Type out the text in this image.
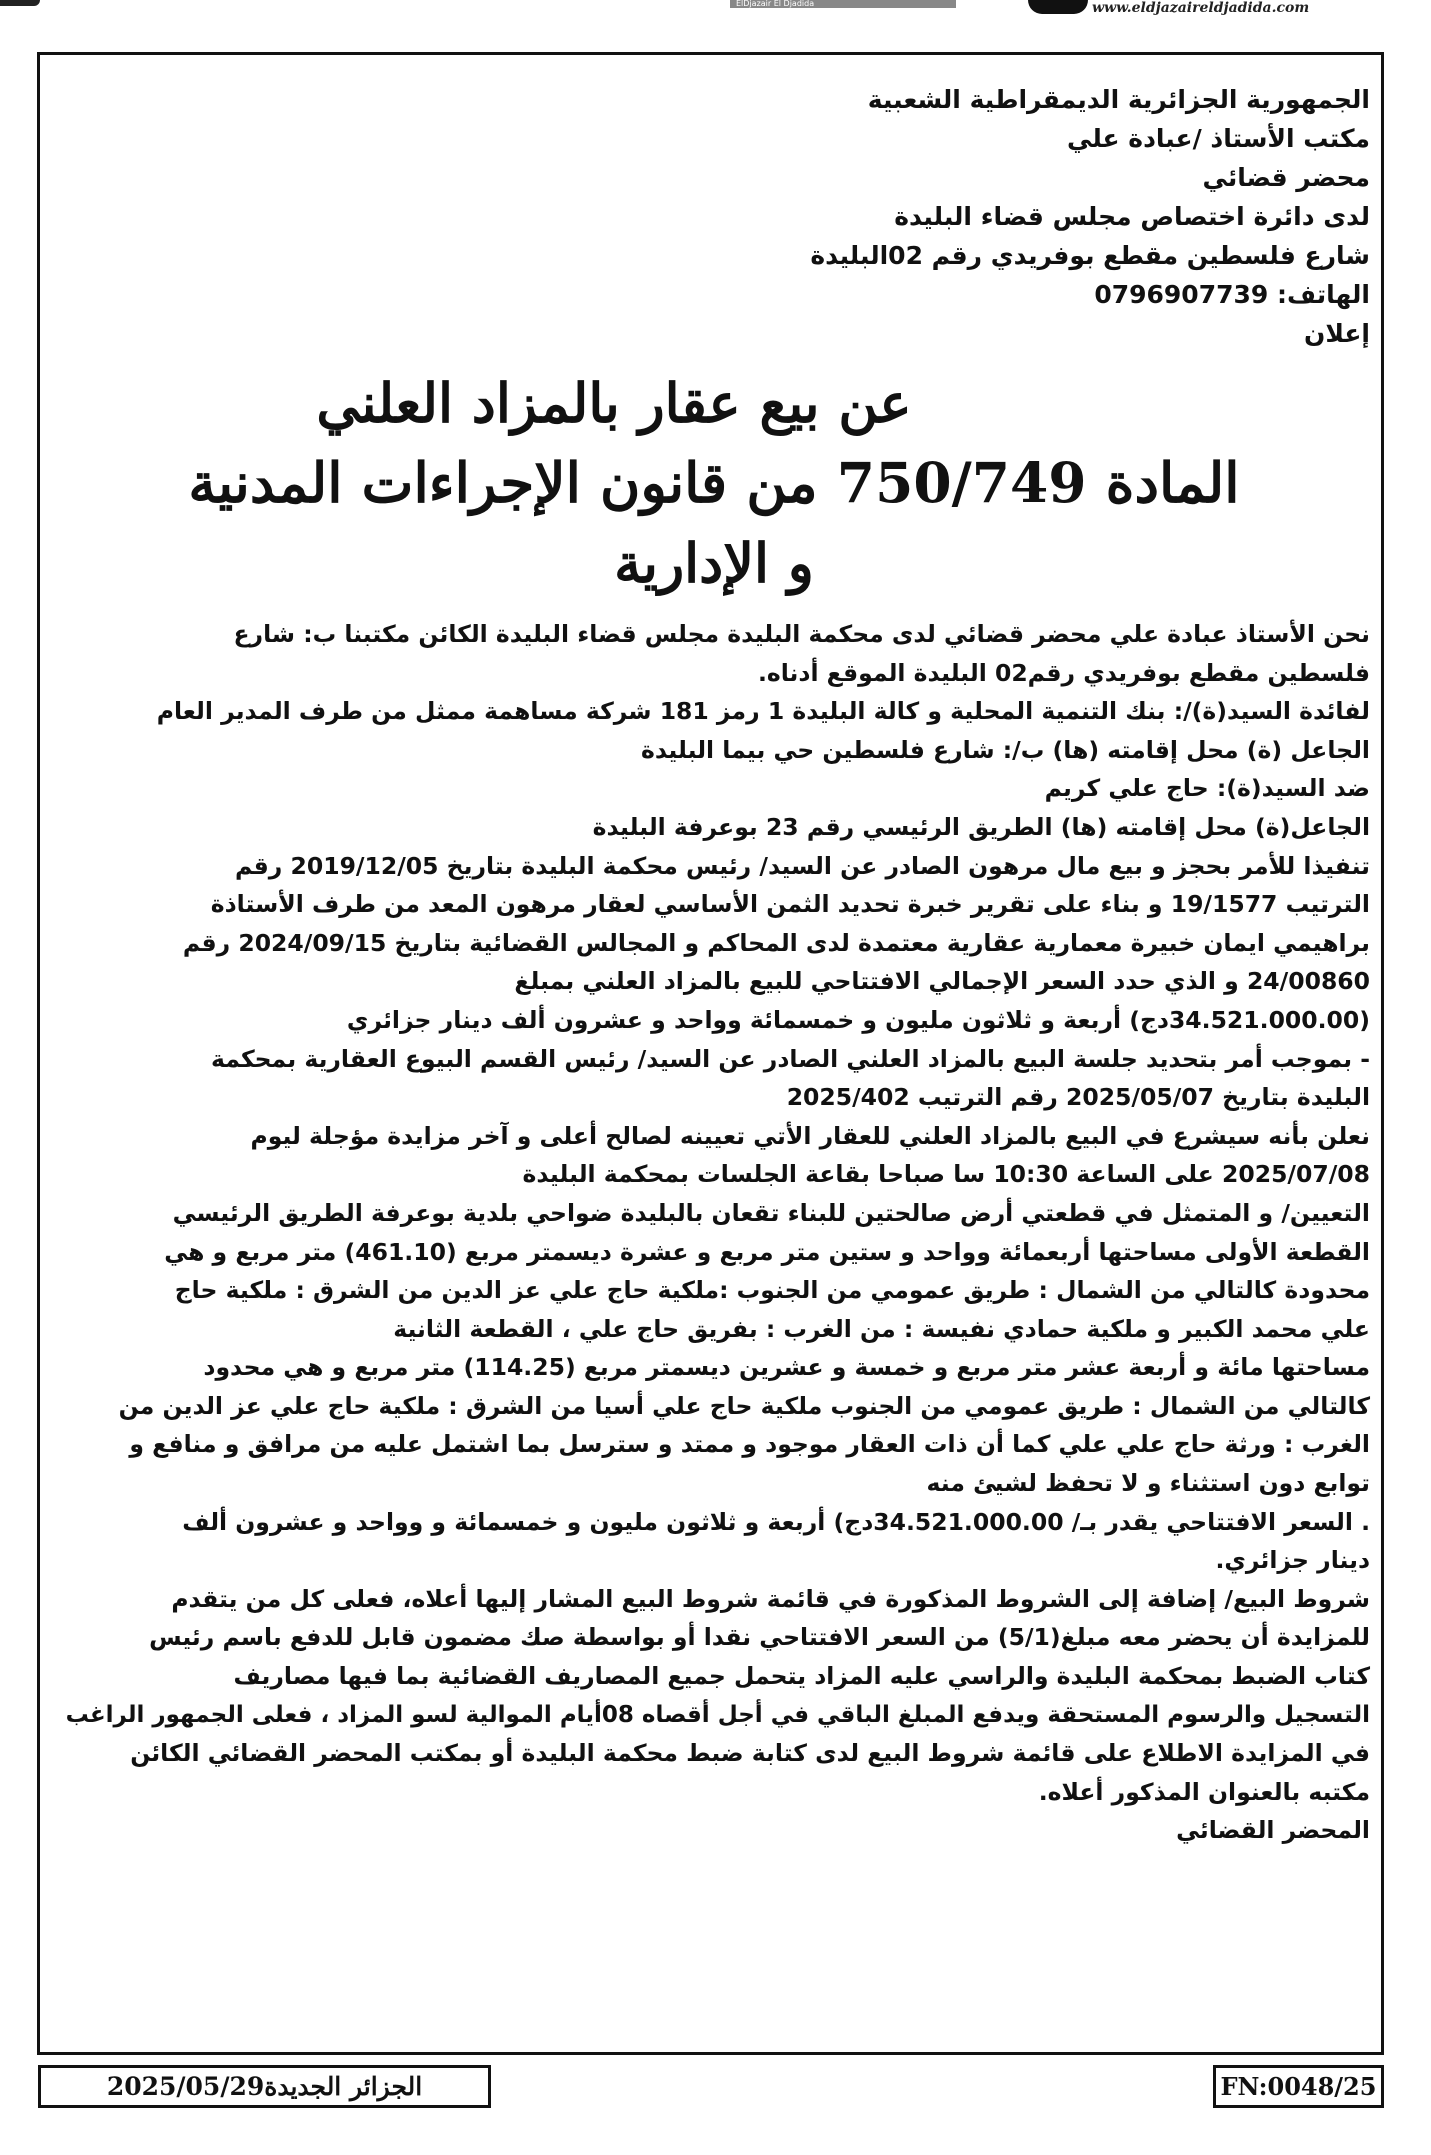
ElDjazair El Djadida	www.eldjazaireldjadida.com

الجمهورية الجزائرية الديمقراطية الشعبية

مكتب الأستاذ /عبادة علي

محضر قضائي

لدى دائرة اختصاص مجلس قضاء البليدة

شارع فلسطين مقطع بوفريدي رقم 02البليدة

الهاتف: 0796907739

إعلان

عن بيع عقار بالمزاد العلني
المادة 750/749 من قانون الإجراءات المدنية
و الإدارية

نحن الأستاذ عبادة علي محضر قضائي لدى محكمة البليدة مجلس قضاء البليدة الكائن مكتبنا ب: شارع

فلسطين مقطع بوفريدي رقم02 البليدة الموقع أدناه.

لفائدة السيد(ة)/: بنك التنمية المحلية و كالة البليدة 1 رمز 181 شركة مساهمة ممثل من طرف المدير العام

الجاعل (ة) محل إقامته (ها) ب/: شارع فلسطين حي بيما البليدة

ضد السيد(ة): حاج علي كريم

الجاعل(ة) محل إقامته (ها) الطريق الرئيسي رقم 23 بوعرفة البليدة

تنفيذا للأمر بحجز و بيع مال مرهون الصادر عن السيد/ رئيس محكمة البليدة بتاريخ 2019/12/05 رقم

الترتيب 19/1577 و بناء على تقرير خبرة تحديد الثمن الأساسي لعقار مرهون المعد من طرف الأستاذة

براهيمي ايمان خبيرة معمارية عقارية معتمدة لدى المحاكم و المجالس القضائية بتاريخ 2024/09/15 رقم

24/00860 و الذي حدد السعر الإجمالي الافتتاحي للبيع بالمزاد العلني بمبلغ

(34.521.000.00دج) أربعة و ثلاثون مليون و خمسمائة وواحد و عشرون ألف دينار جزائري

- بموجب أمر بتحديد جلسة البيع بالمزاد العلني الصادر عن السيد/ رئيس القسم البيوع العقارية بمحكمة

البليدة بتاريخ 2025/05/07 رقم الترتيب 2025/402

نعلن بأنه سيشرع في البيع بالمزاد العلني للعقار الأتي تعيينه لصالح أعلى و آخر مزايدة مؤجلة ليوم

2025/07/08 على الساعة 10:30 سا صباحا بقاعة الجلسات بمحكمة البليدة

التعيين/ و المتمثل في قطعتي أرض صالحتين للبناء تقعان بالبليدة ضواحي بلدية بوعرفة الطريق الرئيسي

القطعة الأولى مساحتها أربعمائة وواحد و ستين متر مربع و عشرة ديسمتر مربع (461.10) متر مربع و هي

محدودة كالتالي من الشمال : طريق عمومي من الجنوب :ملكية حاج علي عز الدين من الشرق : ملكية حاج

علي محمد الكبير و ملكية حمادي نفيسة : من الغرب : بفريق حاج علي ، القطعة الثانية

مساحتها مائة و أربعة عشر متر مربع و خمسة و عشرين ديسمتر مربع (114.25) متر مربع و هي محدود

كالتالي من الشمال : طريق عمومي من الجنوب ملكية حاج علي أسيا من الشرق : ملكية حاج علي عز الدين من

الغرب : ورثة حاج علي علي كما أن ذات العقار موجود و ممتد و سترسل بما اشتمل عليه من مرافق و منافع و

توابع دون استثناء و لا تحفظ لشيئ منه

. السعر الافتتاحي يقدر بـ/ 34.521.000.00دج) أربعة و ثلاثون مليون و خمسمائة و وواحد و عشرون ألف

دينار جزائري.

شروط البيع/ إضافة إلى الشروط المذكورة في قائمة شروط البيع المشار إليها أعلاه، فعلى كل من يتقدم

للمزايدة أن يحضر معه مبلغ(5/1) من السعر الافتتاحي نقدا أو بواسطة صك مضمون قابل للدفع باسم رئيس

كتاب الضبط بمحكمة البليدة والراسي عليه المزاد يتحمل جميع المصاريف القضائية بما فيها مصاريف

التسجيل والرسوم المستحقة ويدفع المبلغ الباقي في أجل أقصاه 08أيام الموالية لسو المزاد ، فعلى الجمهور الراغب

في المزايدة الاطلاع على قائمة شروط البيع لدى كتابة ضبط محكمة البليدة أو بمكتب المحضر القضائي الكائن

مكتبه بالعنوان المذكور أعلاه.

المحضر القضائي

الجزائر الجديدة2025/05/29	FN:0048/25
